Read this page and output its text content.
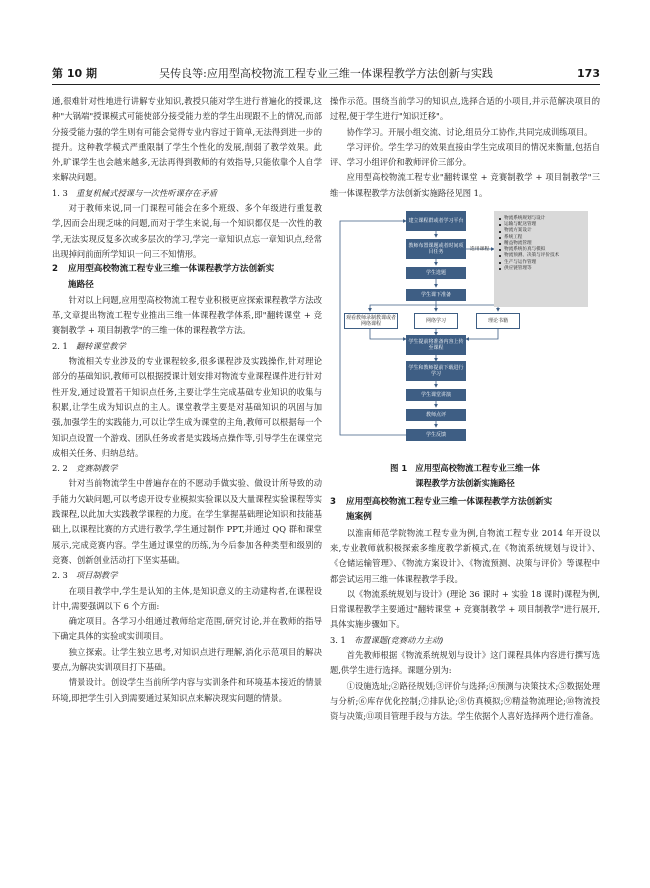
第 10 期	吴传良等:应用型高校物流工程专业三维一体课程教学方法创新与实践	173

通,很难针对性地进行讲解专业知识,教授只能对学生进行普遍化的授课,这种"大锅端"授课模式可能使部分接受能力差的学生出现跟不上的情况,而部分接受能力强的学生则有可能会觉得专业内容过于简单,无法得到进一步的提升。这种教学模式严重限制了学生个性化的发展,削弱了教学效果。此外,旷课学生也会越来越多,无法再得到教师的有效指导,只能依靠个人自学来解决问题。

1. 3 重复机械式授课与一次性听课存在矛盾

对于教师来说,同一门课程可能会在多个班级、多个年级进行重复教学,因而会出现乏味的问题,而对于学生来说,每一个知识都仅是一次性的教学,无法实现反复多次或多层次的学习,学完一章知识点忘一章知识点,经常出现掉问前面所学知识一问三不知情形。

2 应用型高校物流工程专业三维一体课程教学方法创新实
施路径

针对以上问题,应用型高校物流工程专业积极更应探索课程教学方法改革,文章提出物流工程专业推出三维一体课程教学体系,即"翻转课堂 + 竞赛制教学 + 项目制教学"的三维一体的课程教学方法。

2. 1 翻转课堂教学

物流相关专业涉及的专业课程较多,很多课程涉及实践操作,针对理论部分的基础知识,教师可以根据授课计划安排对物流专业课程课件进行针对性开发,通过设置若干知识点任务,主要让学生完成基础专业知识的收集与积累,让学生成为知识点的主人。课堂教学主要是对基础知识的巩固与加强,加强学生的实践能力,可以让学生成为课堂的主角,教师可以根据每一个知识点设置一个游戏、团队任务或者是实践场点操作等,引导学生在课堂完成相关任务、归纳总结。

2. 2 竞赛制教学

针对当前物流学生中普遍存在的不愿动手做实验、做设计所导致的动手能力欠缺问题,可以考虑开设专业模拟实验课以及大量课程实验课程等实践课程,以此加大实践教学课程的力度。在学生掌握基础理论知识和技能基础上,以课程比赛的方式进行教学,学生通过制作 PPT,并通过 QQ 群和课堂展示,完成竞赛内容。学生通过课堂的历练,为今后参加各种类型和级别的竞赛、创新创业活动打下坚实基础。

2. 3 项目制教学

在项目教学中,学生是认知的主体,是知识意义的主动建构者,在课程设计中,需要强调以下 6 个方面:

确定项目。各学习小组通过教师给定范围,研究讨论,并在教师的指导下确定具体的实验或实训项目。

独立探索。让学生独立思考,对知识点进行理解,消化示范项目的解决要点,为解决实训项目打下基础。

情景设计。创设学生当前所学内容与实训条件和环境基本接近的情景环境,即把学生引入到需要通过某知识点来解决现实问题的情景。

操作示范。围绕当前学习的知识点,选择合适的小项目,并示范解决项目的过程,便于学生进行"知识迁移"。

协作学习。开展小组交流、讨论,组员分工协作,共同完成训练项目。

学习评价。学生学习的效果直接由学生完成项目的情况来衡量,包括自评、学习小组评价和教师评价三部分。

应用型高校物流工程专业"翻转课堂 + 竞赛制教学 + 项目制教学"三维一体课程教学方法创新实施路径见图 1。

建立课程群或者学习平台
教师布置课题或者时间项目任务
学生选题
学生课下准备
观看教师录制教课或者网络课程
网络学习	理论书籍
学生提前将准备内容上传至课程
学生和教师提前下载进行学习
学生课堂讲演
教师点评
学生反馈
选用课程
物流系统规划与设计
运输与配送管理
物流方案设计
系统工程
精益物流管理
物流系统仿真与模拟
物流预测、决策与评价技术
生产与运作管理
供应链管理等
图 1　应用型高校物流工程专业三维一体
课程教学方法创新实施路径
3 应用型高校物流工程专业三维一体课程教学方法创新实
施案例

以淮南师范学院物流工程专业为例,自物流工程专业 2014 年开设以来,专业教师就积极探索多维度教学新模式,在《物流系统规划与设计》、《仓储运输管理》、《物流方案设计》、《物流预测、决策与评价》等课程中都尝试运用三维一体课程教学手段。

以《物流系统规划与设计》(理论 36 课时 + 实验 18 课时)课程为例,日常课程教学主要通过"翻转课堂 + 竞赛制教学 + 项目制教学"进行展开,具体实施步骤如下。

3. 1 布置课题(竞赛动力主动)

首先教师根据《物流系统规划与设计》这门课程具体内容进行撰写选题,供学生进行选择。课题分别为:

①设施选址;②路径规划;③评价与选择;④预测与决策技术;⑤数据处理与分析;⑥库存优化控制;⑦排队论;⑧仿真模拟;⑨精益物流理论;⑩物流投资与决策;⑪项目管理手段与方法。学生依据个人喜好选择两个进行准备。
